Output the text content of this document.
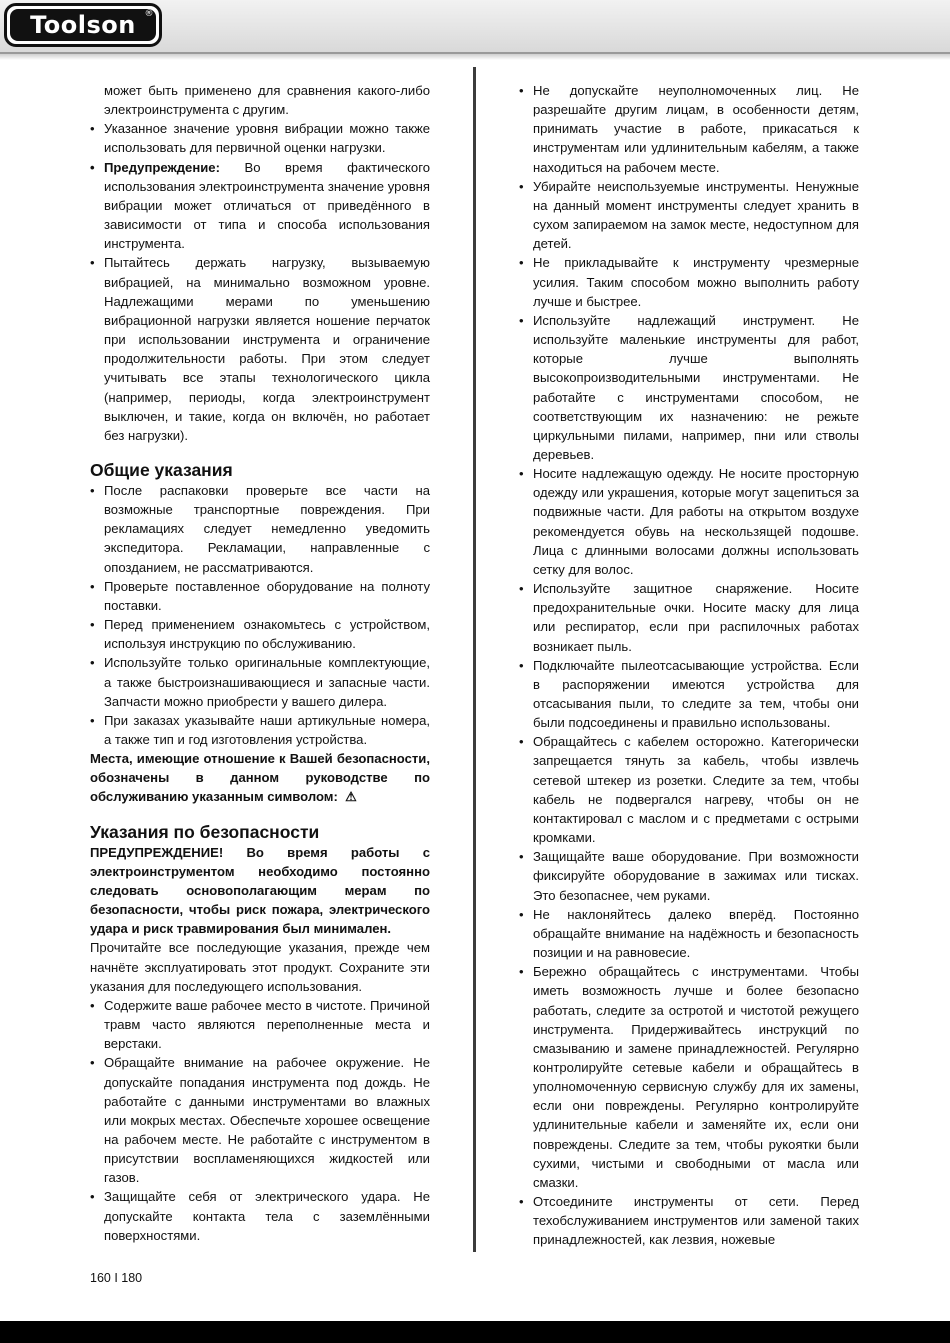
Toolson ®

может быть применено для сравнения какого-либо электроинструмента с другим.

• Указанное значение уровня вибрации можно также использовать для первичной оценки нагрузки.
• Предупреждение: Во время фактического использования электроинструмента значение уровня вибрации может отличаться от приведённого в зависимости от типа и способа использования инструмента.
• Пытайтесь держать нагрузку, вызываемую вибрацией, на минимально возможном уровне. Надлежащими мерами по уменьшению вибрационной нагрузки является ношение перчаток при использовании инструмента и ограничение продолжительности работы. При этом следует учитывать все этапы технологического цикла (например, периоды, когда электроинструмент выключен, и такие, когда он включён, но работает без нагрузки).
Общие указания
• После распаковки проверьте все части на возможные транспортные повреждения. При рекламациях следует немедленно уведомить экспедитора. Рекламации, направленные с опозданием, не рассматриваются.
• Проверьте поставленное оборудование на полноту поставки.
• Перед применением ознакомьтесь с устройством, используя инструкцию по обслуживанию.
• Используйте только оригинальные комплектующие, а также быстроизнашивающиеся и запасные части. Запчасти можно приобрести у вашего дилера.
• При заказах указывайте наши артикульные номера, а также тип и год изготовления устройства.

Места, имеющие отношение к Вашей безопасности, обозначены в данном руководстве по обслуживанию указанным символом: ⚠

Указания по безопасности

ПРЕДУПРЕЖДЕНИЕ! Во время работы с электроинструментом необходимо постоянно следовать основополагающим мерам по безопасности, чтобы риск пожара, электрического удара и риск травмирования был минимален.

Прочитайте все последующие указания, прежде чем начнёте эксплуатировать этот продукт. Сохраните эти указания для последующего использования.

• Содержите ваше рабочее место в чистоте. Причиной травм часто являются переполненные места и верстаки.
• Обращайте внимание на рабочее окружение. Не допускайте попадания инструмента под дождь. Не работайте с данными инструментами во влажных или мокрых местах. Обеспечьте хорошее освещение на рабочем месте. Не работайте с инструментом в присутствии воспламеняющихся жидкостей или газов.
• Защищайте себя от электрического удара. Не допускайте контакта тела с заземлёнными поверхностями.
• Не допускайте неуполномоченных лиц. Не разрешайте другим лицам, в особенности детям, принимать участие в работе, прикасаться к инструментам или удлинительным кабелям, а также находиться на рабочем месте.
• Убирайте неиспользуемые инструменты. Ненужные на данный момент инструменты следует хранить в сухом запираемом на замок месте, недоступном для детей.
• Не прикладывайте к инструменту чрезмерные усилия. Таким способом можно выполнить работу лучше и быстрее.
• Используйте надлежащий инструмент. Не используйте маленькие инструменты для работ, которые лучше выполнять высокопроизводительными инструментами. Не работайте с инструментами способом, не соответствующим их назначению: не режьте циркульными пилами, например, пни или стволы деревьев.
• Носите надлежащую одежду. Не носите просторную одежду или украшения, которые могут зацепиться за подвижные части. Для работы на открытом воздухе рекомендуется обувь на нескользящей подошве. Лица с длинными волосами должны использовать сетку для волос.
• Используйте защитное снаряжение. Носите предохранительные очки. Носите маску для лица или респиратор, если при распилочных работах возникает пыль.
• Подключайте пылеотсасывающие устройства. Если в распоряжении имеются устройства для отсасывания пыли, то следите за тем, чтобы они были подсоединены и правильно использованы.
• Обращайтесь с кабелем осторожно. Категорически запрещается тянуть за кабель, чтобы извлечь сетевой штекер из розетки. Следите за тем, чтобы кабель не подвергался нагреву, чтобы он не контактировал с маслом и с предметами с острыми кромками.
• Защищайте ваше оборудование. При возможности фиксируйте оборудование в зажимах или тисках. Это безопаснее, чем руками.
• Не наклоняйтесь далеко вперёд. Постоянно обращайте внимание на надёжность и безопасность позиции и на равновесие.
• Бережно обращайтесь с инструментами. Чтобы иметь возможность лучше и более безопасно работать, следите за остротой и чистотой режущего инструмента. Придерживайтесь инструкций по смазыванию и замене принадлежностей. Регулярно контролируйте сетевые кабели и обращайтесь в уполномоченную сервисную службу для их замены, если они повреждены. Регулярно контролируйте удлинительные кабели и заменяйте их, если они повреждены. Следите за тем, чтобы рукоятки были сухими, чистыми и свободными от масла или смазки.
• Отсоедините инструменты от сети. Перед техобслуживанием инструментов или заменой таких принадлежностей, как лезвия, ножевые
160 I 180
